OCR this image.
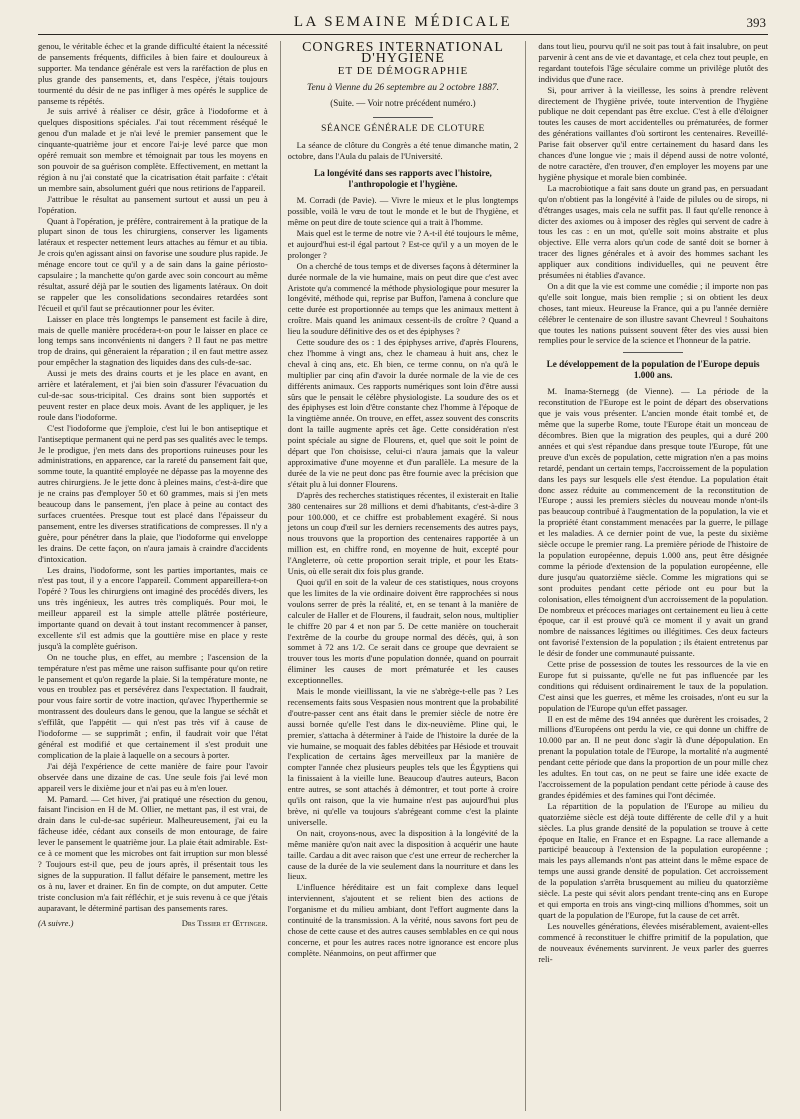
LA SEMAINE MÉDICALE	393

genou, le véritable échec et la grande difficulté étaient la nécessité de pansements fréquents, difficiles à bien faire et douloureux à supporter. Ma tendance générale est vers la raréfaction de plus en plus grande des pansements, et, dans l'espèce, j'étais toujours tourmenté du désir de ne pas infliger à mes opérés le supplice de panseme ts répétés.

Je suis arrivé à réaliser ce désir, grâce à l'iodoforme et à quelques dispositions spéciales. J'ai tout récemment réséqué le genou d'un malade et je n'ai levé le premier pansement que le cinquante-quatrième jour et encore l'ai-je levé parce que mon opéré remuait son membre et témoignait par tous les moyens en son pouvoir de sa guérison complète. Effectivement, en mettant la région à nu j'ai constaté que la cicatrisation était parfaite : c'était un membre sain, absolument guéri que nous retirions de l'appareil.

J'attribue le résultat au pansement surtout et aussi un peu à l'opération.

Quant à l'opération, je préfère, contrairement à la pratique de la plupart sinon de tous les chirurgiens, conserver les ligaments latéraux et respecter nettement leurs attaches au fémur et au tibia. Je crois qu'en agissant ainsi on favorise une soudure plus rapide. Je ménage encore tout ce qu'il y a de sain dans la gaine périosto-capsulaire ; la manchette qu'on garde avec soin concourt au même résultat, assuré déjà par le soutien des ligaments latéraux. On doit se rappeler que les consolidations secondaires retardées sont l'écueil et qu'il faut se précautionner pour les éviter.

Laisser en place très longtemps le pansement est facile à dire, mais de quelle manière procédera-t-on pour le laisser en place ce long temps sans inconvénients ni dangers ? Il faut ne pas mettre trop de drains, qui gêneraient la réparation ; il en faut mettre assez pour empêcher la stagnation des liquides dans des culs-de-sac.

Aussi je mets des drains courts et je les place en avant, en arrière et latéralement, et j'ai bien soin d'assurer l'évacuation du cul-de-sac sous-tricipital. Ces drains sont bien supportés et peuvent rester en place deux mois. Avant de les appliquer, je les roule dans l'iodoforme.

C'est l'iodoforme que j'emploie, c'est lui le bon antiseptique et l'antiseptique permanent qui ne perd pas ses qualités avec le temps. Je le prodigue, j'en mets dans des proportions ruineuses pour les administrations, en apparence, car la rareté du pansement fait que, somme toute, la quantité employée ne dépasse pas la moyenne des autres chirurgiens. Je le jette donc à pleines mains, c'est-à-dire que je ne crains pas d'employer 50 et 60 grammes, mais si j'en mets beaucoup dans le pansement, j'en place à peine au contact des surfaces cruentées. Presque tout est placé dans l'épaisseur du pansement, entre les diverses stratifications de compresses. Il n'y a guère, pour pénétrer dans la plaie, que l'iodoforme qui enveloppe les drains. De cette façon, on n'aura jamais à craindre d'accidents d'intoxication.

Les drains, l'iodoforme, sont les parties importantes, mais ce n'est pas tout, il y a encore l'appareil. Comment appareillera-t-on l'opéré ? Tous les chirurgiens ont imaginé des procédés divers, les uns très ingénieux, les autres très compliqués. Pour moi, le meilleur appareil est la simple attelle plâtrée postérieure, importante quand on devait à tout instant recommencer à panser, excellente s'il est admis que la gouttière mise en place y reste jusqu'à la complète guérison.

On ne touche plus, en effet, au membre ; l'ascension de la température n'est pas même une raison suffisante pour qu'on retire le pansement et qu'on regarde la plaie. Si la température monte, ne vous en troublez pas et persévérez dans l'expectation. Il faudrait, pour vous faire sortir de votre inaction, qu'avec l'hyperthermie se montrassent des douleurs dans le genou, que la langue se séchât et s'effilât, que l'appétit — qui n'est pas très vif à cause de l'iodoforme — se supprimât ; enfin, il faudrait voir que l'état général est modifié et que certainement il s'est produit une complication de la plaie à laquelle on a secours à porter.

J'ai déjà l'expérience de cette manière de faire pour l'avoir observée dans une dizaine de cas. Une seule fois j'ai levé mon appareil vers le dixième jour et n'ai pas eu à m'en louer.

M. Pamard. — Cet hiver, j'ai pratiqué une résection du genou, faisant l'incision en H de M. Ollier, ne mettant pas, il est vrai, de drain dans le cul-de-sac supérieur. Malheureusement, j'ai eu la fâcheuse idée, cédant aux conseils de mon entourage, de faire lever le pansement le quatrième jour. La plaie était admirable. Est-ce à ce moment que les microbes ont fait irruption sur mon blessé ? Toujours est-il que, peu de jours après, il présentait tous les signes de la suppuration. Il fallut défaire le pansement, mettre les os à nu, laver et drainer. En fin de compte, on dut amputer. Cette triste conclusion m'a fait réfléchir, et je suis revenu à ce que j'étais auparavant, le déterminé partisan des pansements rares.

(A suivre.)	Drs Tissier et Œttinger.
CONGRÈS INTERNATIONAL D'HYGIÈNE
ET DE DÉMOGRAPHIE
Tenu à Vienne du 26 septembre au 2 octobre 1887.
(Suite. — Voir notre précédent numéro.)
SÉANCE GÉNÉRALE DE CLOTURE

La séance de clôture du Congrès a été tenue dimanche matin, 2 octobre, dans l'Aula du palais de l'Université.

La longévité dans ses rapports avec l'histoire, l'anthropologie et l'hygiène.

M. Corradi (de Pavie). — Vivre le mieux et le plus longtemps possible, voilà le vœu de tout le monde et le but de l'hygiène, et même on peut dire de toute science qui a trait à l'homme.

Mais quel est le terme de notre vie ? A-t-il été toujours le même, et aujourd'hui est-il égal partout ? Est-ce qu'il y a un moyen de le prolonger ?

On a cherché de tous temps et de diverses façons à déterminer la durée normale de la vie humaine, mais on peut dire que c'est avec Aristote qu'a commencé la méthode physiologique pour mesurer la longévité, méthode qui, reprise par Buffon, l'amena à conclure que cette durée est proportionnée au temps que les animaux mettent à croître. Mais quand les animaux cessent-ils de croître ? Quand a lieu la soudure définitive des os et des épiphyses ?

Cette soudure des os : 1 des épiphyses arrive, d'après Flourens, chez l'homme à vingt ans, chez le chameau à huit ans, chez le cheval à cinq ans, etc. Eh bien, ce terme connu, on n'a qu'à le multiplier par cinq afin d'avoir la durée normale de la vie de ces différents animaux. Ces rapports numériques sont loin d'être aussi sûrs que le pensait le célèbre physiologiste. La soudure des os et des épiphyses est loin d'être constante chez l'homme à l'époque de la vingtième année. On trouve, en effet, assez souvent des conscrits dont la taille augmente après cet âge. Cette considération n'est point spéciale au signe de Flourens, et, quel que soit le point de départ que l'on choisisse, celui-ci n'aura jamais que la valeur approximative d'une moyenne et d'un parallèle. La mesure de la durée de la vie ne peut donc pas être fournie avec la précision que s'était plu à lui donner Flourens.

D'après des recherches statistiques récentes, il existerait en Italie 380 centenaires sur 28 millions et demi d'habitants, c'est-à-dire 3 pour 100.000, et ce chiffre est probablement exagéré. Si nous jetons un coup d'œil sur les derniers recensements des autres pays, nous trouvons que la proportion des centenaires rapportée à un million est, en chiffre rond, en moyenne de huit, excepté pour l'Angleterre, où cette proportion serait triple, et pour les Etats-Unis, où elle serait dix fois plus grande.

Quoi qu'il en soit de la valeur de ces statistiques, nous croyons que les limites de la vie ordinaire doivent être rapprochées si nous voulons serrer de près la réalité, et, en se tenant à la manière de calculer de Haller et de Flourens, il faudrait, selon nous, multiplier le chiffre 20 par 4 et non par 5. De cette manière on toucherait l'extrême de la courbe du groupe normal des décès, qui, à son sommet à 72 ans 1/2. Ce serait dans ce groupe que devraient se trouver tous les morts d'une population donnée, quand on pourrait éliminer les causes de mort prématurée et les causes exceptionnelles.

Mais le monde vieillissant, la vie ne s'abrège-t-elle pas ? Les recensements faits sous Vespasien nous montrent que la probabilité d'outre-passer cent ans était dans le premier siècle de notre ère aussi bornée qu'elle l'est dans le dix-neuvième. Pline qui, le premier, s'attacha à déterminer à l'aide de l'histoire la durée de la vie humaine, se moquait des fables débitées par Hésiode et trouvait l'explication de certains âges merveilleux par la manière de compter l'année chez plusieurs peuples tels que les Égyptiens qui la finissaient à la vieille lune. Beaucoup d'autres auteurs, Bacon entre autres, se sont attachés à démontrer, et tout porte à croire qu'ils ont raison, que la vie humaine n'est pas aujourd'hui plus brève, ni qu'elle va toujours s'abrégeant comme c'est la plainte universelle.

On nait, croyons-nous, avec la disposition à la longévité de la même manière qu'on nait avec la disposition à acquérir une haute taille. Cardau a dit avec raison que c'est une erreur de rechercher la cause de la durée de la vie seulement dans la nourriture et dans les lieux.

L'influence héréditaire est un fait complexe dans lequel interviennent, s'ajoutent et se relient bien des actions de l'organisme et du milieu ambiant, dont l'effort augmente dans la continuité de la transmission. A la vérité, nous savons fort peu de chose de cette cause et des autres causes semblables en ce qui nous concerne, et pour les autres races notre ignorance est encore plus complète. Néanmoins, on peut affirmer que

dans tout lieu, pourvu qu'il ne soit pas tout à fait insalubre, on peut parvenir à cent ans de vie et davantage, et cela chez tout peuple, en regardant toutefois l'âge séculaire comme un privilège plutôt des individus que d'une race.

Si, pour arriver à la vieillesse, les soins à prendre relèvent directement de l'hygiène privée, toute intervention de l'hygiène publique ne doit cependant pas être exclue. C'est à elle d'éloigner toutes les causes de mort accidentelles ou prématurées, de former des générations vaillantes d'où sortiront les centenaires. Reveillé-Parise fait observer qu'il entre certainement du hasard dans les chances d'une longue vie ; mais il dépend aussi de notre volonté, de notre caractère, d'en trouver, d'en employer les moyens par une hygiène physique et morale bien combinée.

La macrobiotique a fait sans doute un grand pas, en persuadant qu'on n'obtient pas la longévité à l'aide de pilules ou de sirops, ni d'étranges usages, mais cela ne suffit pas. Il faut qu'elle renonce à dicter des axiomes ou à imposer des règles qui servent de cadre à tous les cas : en un mot, qu'elle soit moins abstraite et plus objective. Elle verra alors qu'un code de santé doit se borner à tracer des lignes générales et à avoir des hommes sachant les appliquer aux conditions individuelles, qui ne peuvent être présumées ni établies d'avance.

On a dit que la vie est comme une comédie ; il importe non pas qu'elle soit longue, mais bien remplie ; si on obtient les deux choses, tant mieux. Heureuse la France, qui a pu l'année dernière célébrer le centenaire de son illustre savant Chevreul ! Souhaitons que toutes les nations puissent souvent fêter des vies aussi bien remplies pour le service de la science et l'honneur de la patrie.

Le développement de la population de l'Europe depuis 1.000 ans.

M. Inama-Sternegg (de Vienne). — La période de la reconstitution de l'Europe est le point de départ des observations que je vais vous présenter. L'ancien monde était tombé et, de même que la superbe Rome, toute l'Europe était un monceau de décombres. Bien que la migration des peuples, qui a duré 200 années et qui s'est répandue dans presque toute l'Europe, fût une preuve d'un excès de population, cette migration n'en a pas moins retardé, pendant un certain temps, l'accroissement de la population dans les pays sur lesquels elle s'est étendue. La population était donc assez réduite au commencement de la reconstitution de l'Europe ; aussi les premiers siècles du nouveau monde n'ont-ils pas beaucoup contribué à l'augmentation de la population, la vie et la propriété étant constamment menacées par la guerre, le pillage et les maladies. A ce dernier point de vue, la peste du sixième siècle occupe le premier rang. La première période de l'histoire de la population européenne, depuis 1.000 ans, peut être désignée comme la période d'extension de la population européenne, elle dure jusqu'au quatorzième siècle. Comme les migrations qui se sont produites pendant cette période ont eu pour but la colonisation, elles témoignent d'un accroissement de la population. De nombreux et précoces mariages ont certainement eu lieu à cette époque, car il est prouvé qu'à ce moment il y avait un grand nombre de naissances légitimes ou illégitimes. Ces deux facteurs ont favorisé l'extension de la population ; ils étaient entretenus par le désir de fonder une communauté puissante.

Cette prise de possession de toutes les ressources de la vie en Europe fut si puissante, qu'elle ne fut pas influencée par les conditions qui réduisent ordinairement le taux de la population. C'est ainsi que les guerres, et même les croisades, n'ont eu sur la population de l'Europe qu'un effet passager.

Il en est de même des 194 années que durèrent les croisades, 2 millions d'Européens ont perdu la vie, ce qui donne un chiffre de 10.000 par an. Il ne peut donc s'agir là d'une dépopulation. En prenant la population totale de l'Europe, la mortalité n'a augmenté pendant cette période que dans la proportion de un pour mille chez les adultes. En tout cas, on ne peut se faire une idée exacte de l'accroissement de la population pendant cette période à cause des grandes épidémies et des famines qui l'ont décimée.

La répartition de la population de l'Europe au milieu du quatorzième siècle est déjà toute différente de celle d'il y a huit siècles. La plus grande densité de la population se trouve à cette époque en Italie, en France et en Espagne. La race allemande a participé beaucoup à l'extension de la population européenne ; mais les pays allemands n'ont pas atteint dans le même espace de temps une aussi grande densité de population. Cet accroissement de la population s'arrêta brusquement au milieu du quatorzième siècle. La peste qui sévit alors pendant trente-cinq ans en Europe et qui emporta en trois ans vingt-cinq millions d'hommes, soit un quart de la population de l'Europe, fut la cause de cet arrêt.

Les nouvelles générations, élevées misérablement, avaient-elles commencé à reconstituer le chiffre primitif de la population, que de nouveaux événements survinrent. Je veux parler des guerres reli-
